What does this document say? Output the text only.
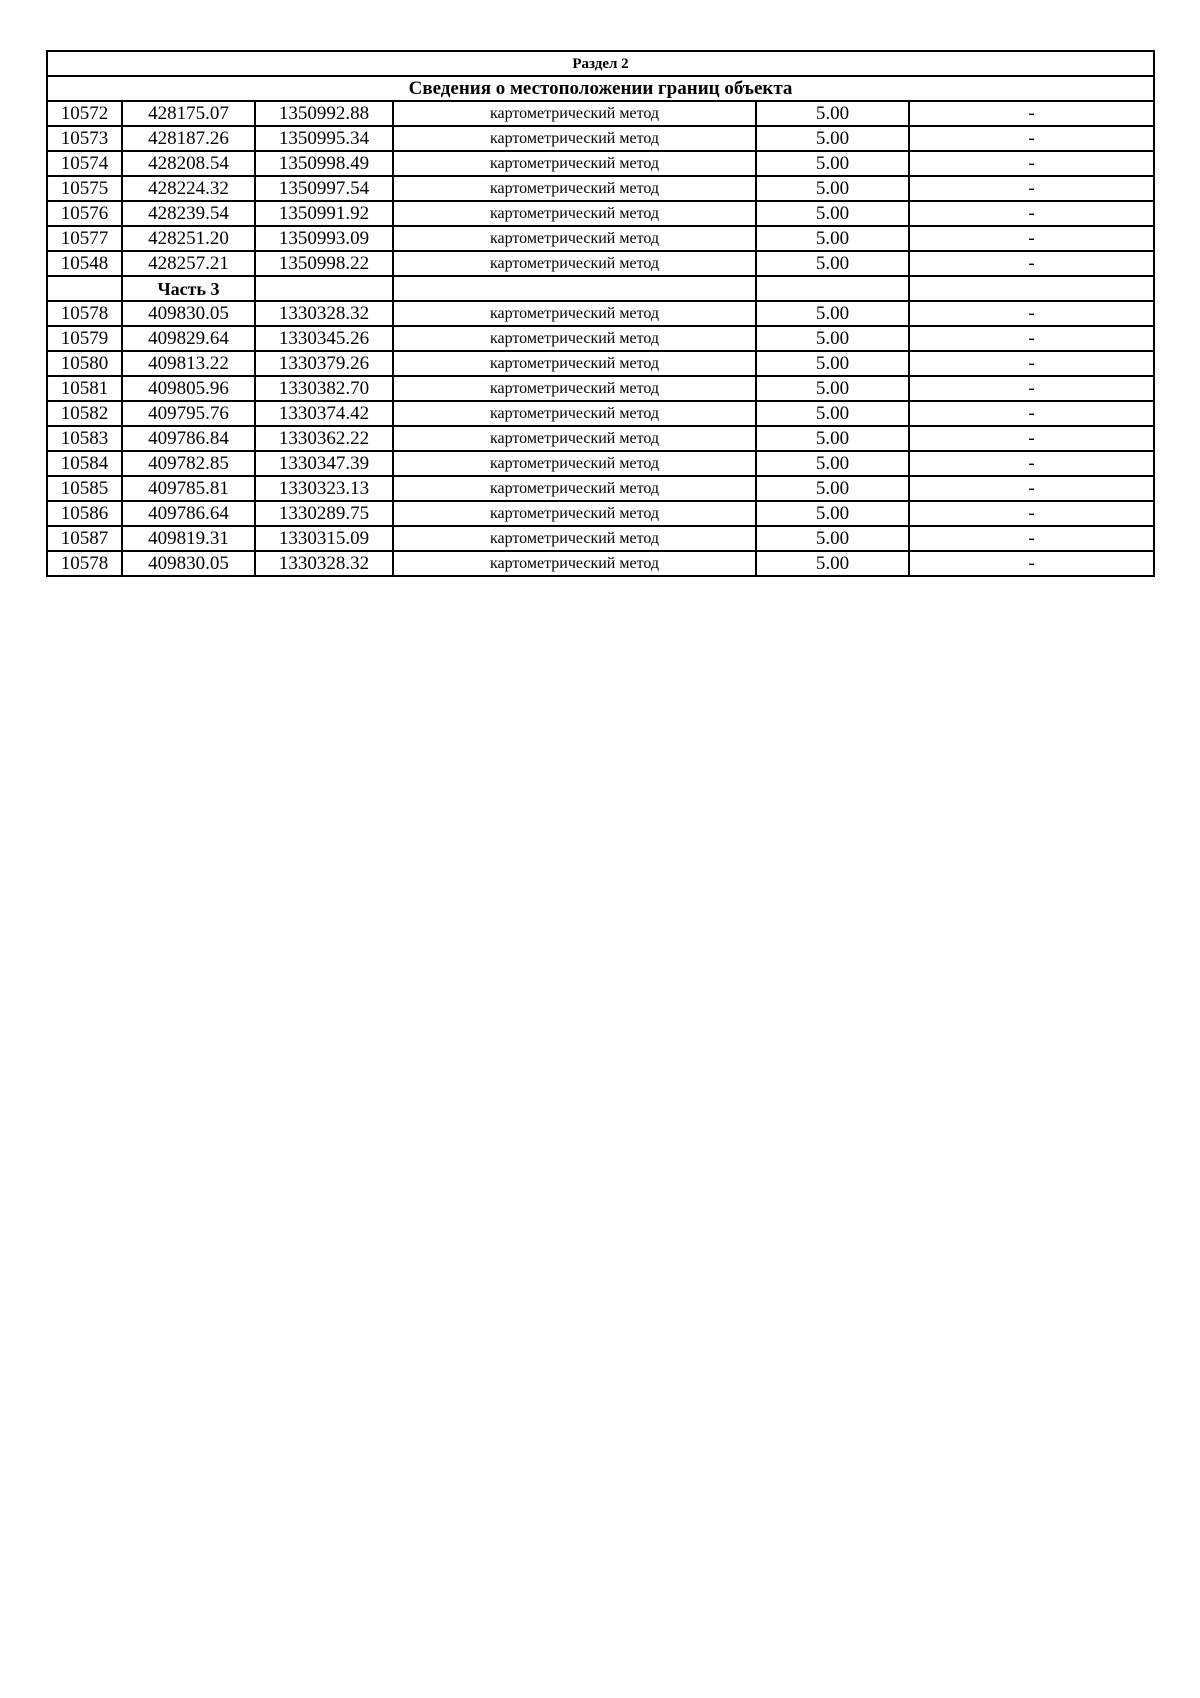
Раздел 2					
Сведения о местоположении границ объекта					
10572	428175.07	1350992.88	картометрический метод	5.00	-
10573	428187.26	1350995.34	картометрический метод	5.00	-
10574	428208.54	1350998.49	картометрический метод	5.00	-
10575	428224.32	1350997.54	картометрический метод	5.00	-
10576	428239.54	1350991.92	картометрический метод	5.00	-
10577	428251.20	1350993.09	картометрический метод	5.00	-
10548	428257.21	1350998.22	картометрический метод	5.00	-
	Часть 3				
10578	409830.05	1330328.32	картометрический метод	5.00	-
10579	409829.64	1330345.26	картометрический метод	5.00	-
10580	409813.22	1330379.26	картометрический метод	5.00	-
10581	409805.96	1330382.70	картометрический метод	5.00	-
10582	409795.76	1330374.42	картометрический метод	5.00	-
10583	409786.84	1330362.22	картометрический метод	5.00	-
10584	409782.85	1330347.39	картометрический метод	5.00	-
10585	409785.81	1330323.13	картометрический метод	5.00	-
10586	409786.64	1330289.75	картометрический метод	5.00	-
10587	409819.31	1330315.09	картометрический метод	5.00	-
10578	409830.05	1330328.32	картометрический метод	5.00	-
